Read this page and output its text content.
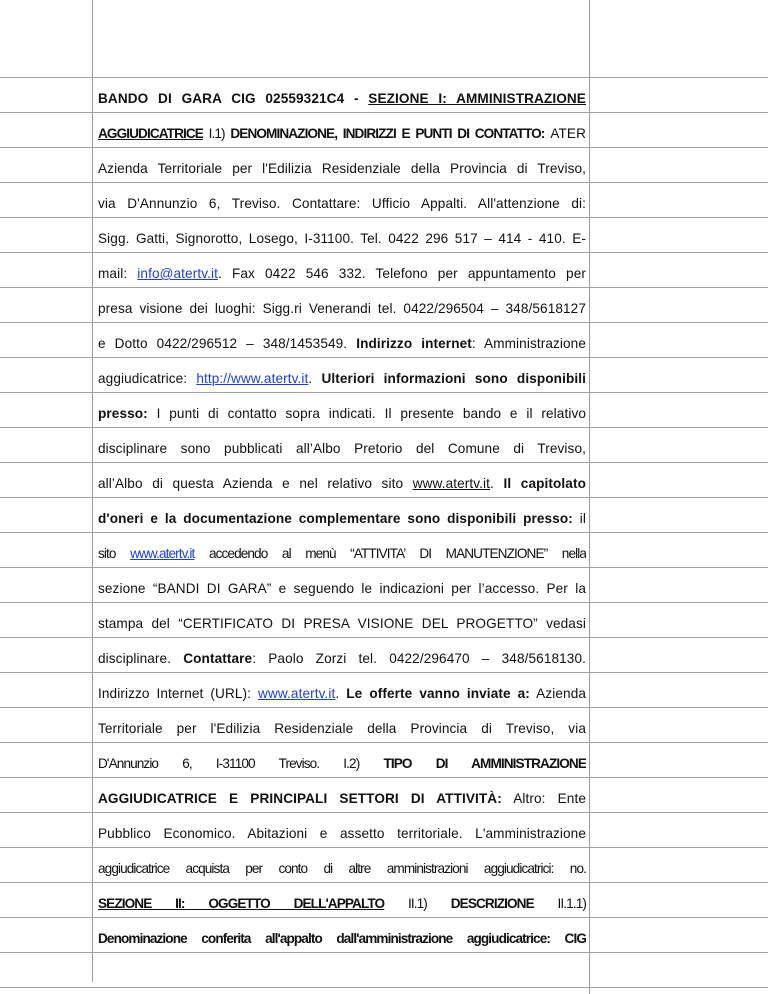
BANDO DI GARA CIG 02559321C4 - SEZIONE I: AMMINISTRAZIONE
AGGIUDICATRICE I.1) DENOMINAZIONE, INDIRIZZI E PUNTI DI CONTATTO: ATER
Azienda Territoriale per l'Edilizia Residenziale della Provincia di Treviso,
via D'Annunzio 6, Treviso. Contattare: Ufficio Appalti. All'attenzione di:
Sigg. Gatti, Signorotto, Losego, I-31100. Tel. 0422 296 517 – 414 - 410. E-
mail: info@atertv.it. Fax 0422 546 332. Telefono per appuntamento per
presa visione dei luoghi: Sigg.ri Venerandi tel. 0422/296504 – 348/5618127
e Dotto 0422/296512 – 348/1453549. Indirizzo internet: Amministrazione
aggiudicatrice: http://www.atertv.it. Ulteriori informazioni sono disponibili
presso: I punti di contatto sopra indicati. Il presente bando e il relativo
disciplinare sono pubblicati all’Albo Pretorio del Comune di Treviso,
all’Albo di questa Azienda e nel relativo sito www.atertv.it. Il capitolato
d'oneri e la documentazione complementare sono disponibili presso: il
sito www.atertv.it accedendo al menù “ATTIVITA’ DI MANUTENZIONE” nella
sezione “BANDI DI GARA” e seguendo le indicazioni per l’accesso. Per la
stampa del “CERTIFICATO DI PRESA VISIONE DEL PROGETTO” vedasi
disciplinare. Contattare: Paolo Zorzi tel. 0422/296470 – 348/5618130.
Indirizzo Internet (URL): www.atertv.it. Le offerte vanno inviate a: Azienda
Territoriale per l'Edilizia Residenziale della Provincia di Treviso, via
D'Annunzio 6, I-31100 Treviso. I.2) TIPO DI AMMINISTRAZIONE
AGGIUDICATRICE E PRINCIPALI SETTORI DI ATTIVITÀ: Altro: Ente
Pubblico Economico. Abitazioni e assetto territoriale. L'amministrazione
aggiudicatrice acquista per conto di altre amministrazioni aggiudicatrici: no.
SEZIONE II: OGGETTO DELL'APPALTO II.1) DESCRIZIONE II.1.1)
Denominazione conferita all'appalto dall'amministrazione aggiudicatrice: CIG
